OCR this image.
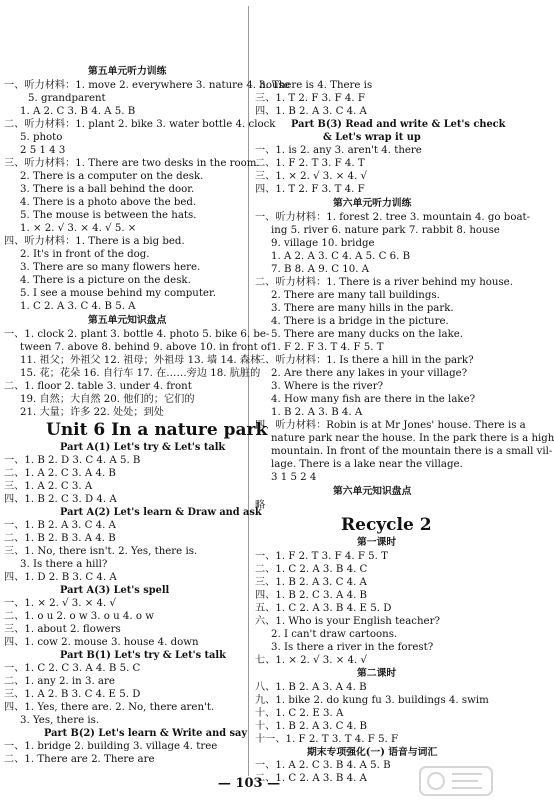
第五单元听力训练
一、听力材料：1. move 2. everywhere 3. nature 4. house
5. grandparent
1. A 2. C 3. B 4. A 5. B
二、听力材料：1. plant 2. bike 3. water bottle 4. clock
5. photo
2 5 1 4 3
三、听力材料：1. There are two desks in the room.
2. There is a computer on the desk.
3. There is a ball behind the door.
4. There is a photo above the bed.
5. The mouse is between the hats.
1. × 2. √ 3. × 4. √ 5. ×
四、听力材料：1. There is a big bed.
2. It's in front of the dog.
3. There are so many flowers here.
4. There is a picture on the desk.
5. I see a mouse behind my computer.
1. C 2. A 3. C 4. B 5. A
第五单元知识盘点
一、1. clock 2. plant 3. bottle 4. photo 5. bike 6. be-
tween 7. above 8. behind 9. above 10. in front of
11. 祖父；外祖父 12. 祖母；外祖母 13. 墙 14. 森林
15. 花；花朵 16. 自行车 17. 在……旁边 18. 肮脏的
二、1. floor 2. table 3. under 4. front
19. 自然；大自然 20. 他们的；它们的
21. 大量；许多 22. 处处；到处
Unit 6 In a nature park
Part A(1) Let's try & Let's talk
一、1. B 2. D 3. C 4. A 5. B
二、1. A 2. C 3. A 4. B
三、1. A 2. C 3. A
四、1. B 2. C 3. D 4. A
Part A(2) Let's learn & Draw and ask
一、1. B 2. A 3. C 4. A
二、1. B 2. B 3. A 4. B
三、1. No, there isn't. 2. Yes, there is.
3. Is there a hill?
四、1. D 2. B 3. C 4. A
Part A(3) Let's spell
一、1. × 2. √ 3. × 4. √
二、1. o u 2. o w 3. o u 4. o w
三、1. about 2. flowers
四、1. cow 2. mouse 3. house 4. down
Part B(1) Let's try & Let's talk
一、1. C 2. C 3. A 4. B 5. C
二、1. any 2. in 3. are
三、1. A 2. B 3. C 4. E 5. D
四、1. Yes, there are. 2. No, there aren't.
3. Yes, there is.
Part B(2) Let's learn & Write and say
一、1. bridge 2. building 3. village 4. tree
二、1. There are 2. There are
3. There is 4. There is
三、1. T 2. F 3. F 4. F
四、1. B 2. A 3. C 4. A
Part B(3) Read and write & Let's check
& Let's wrap it up
一、1. is 2. any 3. aren't 4. there
二、1. F 2. T 3. F 4. T
三、1. × 2. √ 3. × 4. √
四、1. T 2. F 3. T 4. F
第六单元听力训练
一、听力材料：1. forest 2. tree 3. mountain 4. go boat-
ing 5. river 6. nature park 7. rabbit 8. house
9. village 10. bridge
1. A 2. A 3. C 4. A 5. C 6. B
7. B 8. A 9. C 10. A
二、听力材料：1. There is a river behind my house.
2. There are many tall buildings.
3. There are many hills in the park.
4. There is a bridge in the picture.
5. There are many ducks on the lake.
1. F 2. F 3. T 4. F 5. T
三、听力材料：1. Is there a hill in the park?
2. Are there any lakes in your village?
3. Where is the river?
4. How many fish are there in the lake?
1. B 2. A 3. B 4. A
四、听力材料：Robin is at Mr Jones' house. There is a
nature park near the house. In the park there is a high
mountain. In front of the mountain there is a small vil-
lage. There is a lake near the village.
3 1 5 2 4
第六单元知识盘点
略
Recycle 2
第一课时
一、1. F 2. T 3. F 4. F 5. T
二、1. C 2. A 3. B 4. C
三、1. B 2. A 3. C 4. A
四、1. B 2. C 3. A 4. B
五、1. C 2. A 3. B 4. E 5. D
六、1. Who is your English teacher?
2. I can't draw cartoons.
3. Is there a river in the forest?
七、1. × 2. √ 3. × 4. √
第二课时
八、1. B 2. A 3. A 4. B
九、1. bike 2. do kung fu 3. buildings 4. swim
十、1. C 2. E 3. A
十、1. B 2. A 3. C 4. B
十一、1. F 2. T 3. T 4. F 5. F
期末专项强化(一) 语音与词汇
一、1. A 2. C 3. B 4. A 5. B
二、1. C 2. A 3. B 4. A
— 103 —
